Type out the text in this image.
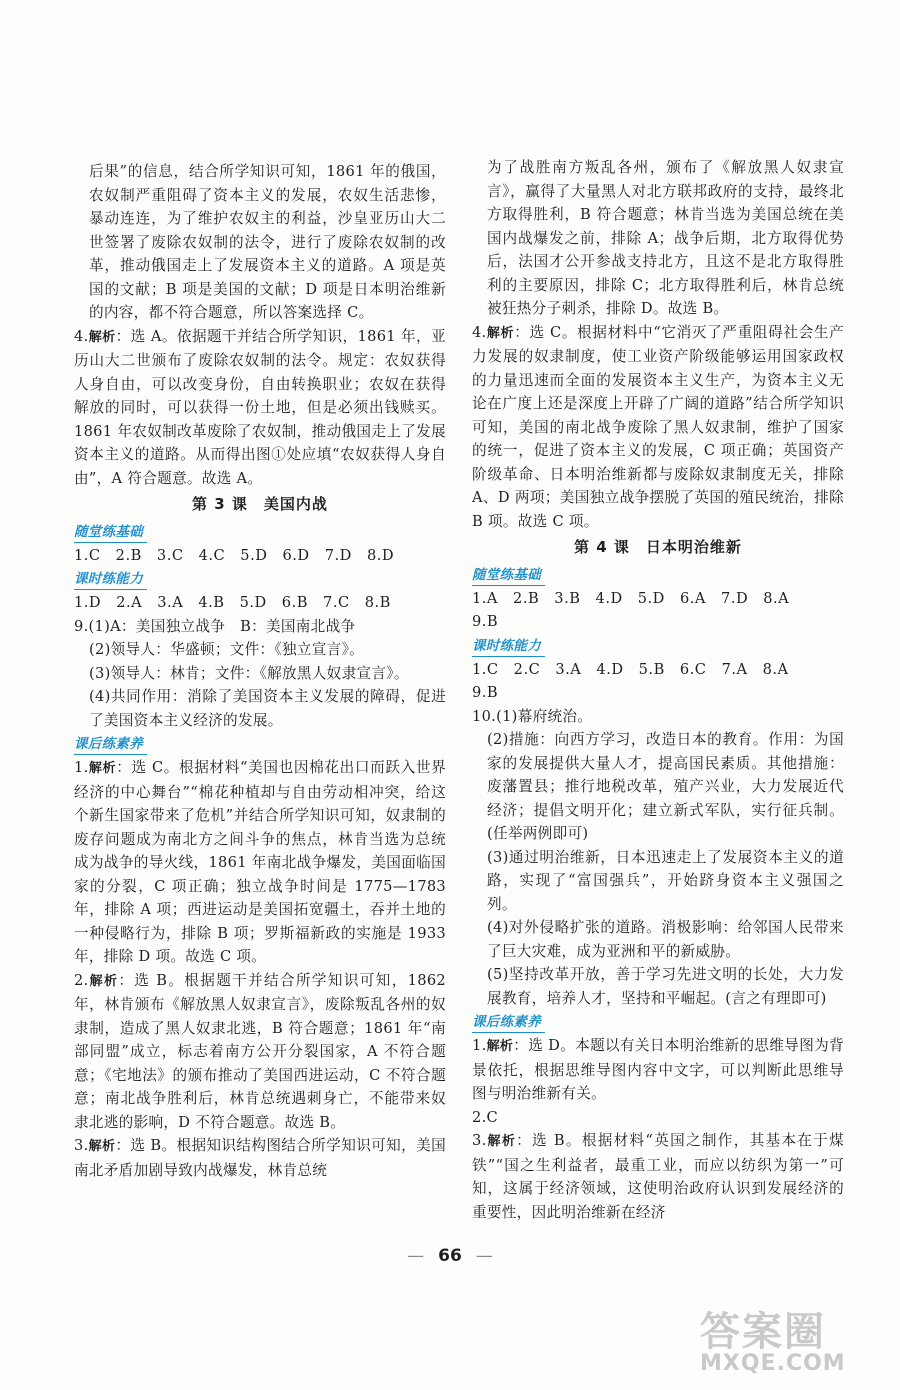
后果”的信息，结合所学知识可知，1861 年的俄国，农奴制严重阻碍了资本主义的发展，农奴生活悲惨，暴动连连，为了维护农奴主的利益，沙皇亚历山大二世签署了废除农奴制的法令，进行了废除农奴制的改革，推动俄国走上了发展资本主义的道路。A 项是英国的文献；B 项是美国的文献；D 项是日本明治维新的内容，都不符合题意，所以答案选择 C。

4.解析：选 A。依据题干并结合所学知识，1861 年，亚历山大二世颁布了废除农奴制的法令。规定：农奴获得人身自由，可以改变身份，自由转换职业；农奴在获得解放的同时，可以获得一份土地，但是必须出钱赎买。1861 年农奴制改革废除了农奴制，推动俄国走上了发展资本主义的道路。从而得出图①处应填“农奴获得人身自由”，A 符合题意。故选 A。

第 3 课　美国内战
随堂练基础

1.C　2.B　3.C　4.C　5.D　6.D　7.D　8.D

课时练能力

1.D　2.A　3.A　4.B　5.D　6.B　7.C　8.B

9.(1)A：美国独立战争　B：美国南北战争

(2)领导人：华盛顿；文件：《独立宣言》。

(3)领导人：林肯；文件：《解放黑人奴隶宣言》。

(4)共同作用：消除了美国资本主义发展的障碍，促进了美国资本主义经济的发展。

课后练素养

1.解析：选 C。根据材料“美国也因棉花出口而跃入世界经济的中心舞台”“棉花种植却与自由劳动相冲突，给这个新生国家带来了危机”并结合所学知识可知，奴隶制的废存问题成为南北方之间斗争的焦点，林肯当选为总统成为战争的导火线，1861 年南北战争爆发，美国面临国家的分裂，C 项正确；独立战争时间是 1775—1783 年，排除 A 项；西进运动是美国拓宽疆土，吞并土地的一种侵略行为，排除 B 项；罗斯福新政的实施是 1933 年，排除 D 项。故选 C 项。

2.解析：选 B。根据题干并结合所学知识可知，1862 年，林肯颁布《解放黑人奴隶宣言》，废除叛乱各州的奴隶制，造成了黑人奴隶北逃，B 符合题意；1861 年“南部同盟”成立，标志着南方公开分裂国家，A 不符合题意；《宅地法》的颁布推动了美国西进运动，C 不符合题意；南北战争胜利后，林肯总统遇刺身亡，不能带来奴隶北逃的影响，D 不符合题意。故选 B。

3.解析：选 B。根据知识结构图结合所学知识可知，美国南北矛盾加剧导致内战爆发，林肯总统

为了战胜南方叛乱各州，颁布了《解放黑人奴隶宣言》，赢得了大量黑人对北方联邦政府的支持，最终北方取得胜利，B 符合题意；林肯当选为美国总统在美国内战爆发之前，排除 A；战争后期，北方取得优势后，法国才公开参战支持北方，且这不是北方取得胜利的主要原因，排除 C；北方取得胜利后，林肯总统被狂热分子刺杀，排除 D。故选 B。

4.解析：选 C。根据材料中“它消灭了严重阻碍社会生产力发展的奴隶制度，使工业资产阶级能够运用国家政权的力量迅速而全面的发展资本主义生产，为资本主义无论在广度上还是深度上开辟了广阔的道路”结合所学知识可知，美国的南北战争废除了黑人奴隶制，维护了国家的统一，促进了资本主义的发展，C 项正确；英国资产阶级革命、日本明治维新都与废除奴隶制度无关，排除 A、D 两项；美国独立战争摆脱了英国的殖民统治，排除 B 项。故选 C 项。

第 4 课　日本明治维新
随堂练基础

1.A　2.B　3.B　4.D　5.D　6.A　7.D　8.A

9.B

课时练能力

1.C　2.C　3.A　4.D　5.B　6.C　7.A　8.A

9.B

10.(1)幕府统治。

(2)措施：向西方学习，改造日本的教育。作用：为国家的发展提供大量人才，提高国民素质。其他措施：废藩置县；推行地税改革，殖产兴业，大力发展近代经济；提倡文明开化；建立新式军队，实行征兵制。(任举两例即可)

(3)通过明治维新，日本迅速走上了发展资本主义的道路，实现了“富国强兵”，开始跻身资本主义强国之列。

(4)对外侵略扩张的道路。消极影响：给邻国人民带来了巨大灾难，成为亚洲和平的新威胁。

(5)坚持改革开放，善于学习先进文明的长处，大力发展教育，培养人才，坚持和平崛起。(言之有理即可)

课后练素养

1.解析：选 D。本题以有关日本明治维新的思维导图为背景依托，根据思维导图内容中文字，可以判断此思维导图与明治维新有关。

2.C

3.解析：选 B。根据材料“英国之制作，其基本在于煤铁”“国之生利益者，最重工业，而应以纺织为第一”可知，这属于经济领域，这使明治政府认识到发展经济的重要性，因此明治维新在经济

— 66 —
答案圈
MXQE.COM
